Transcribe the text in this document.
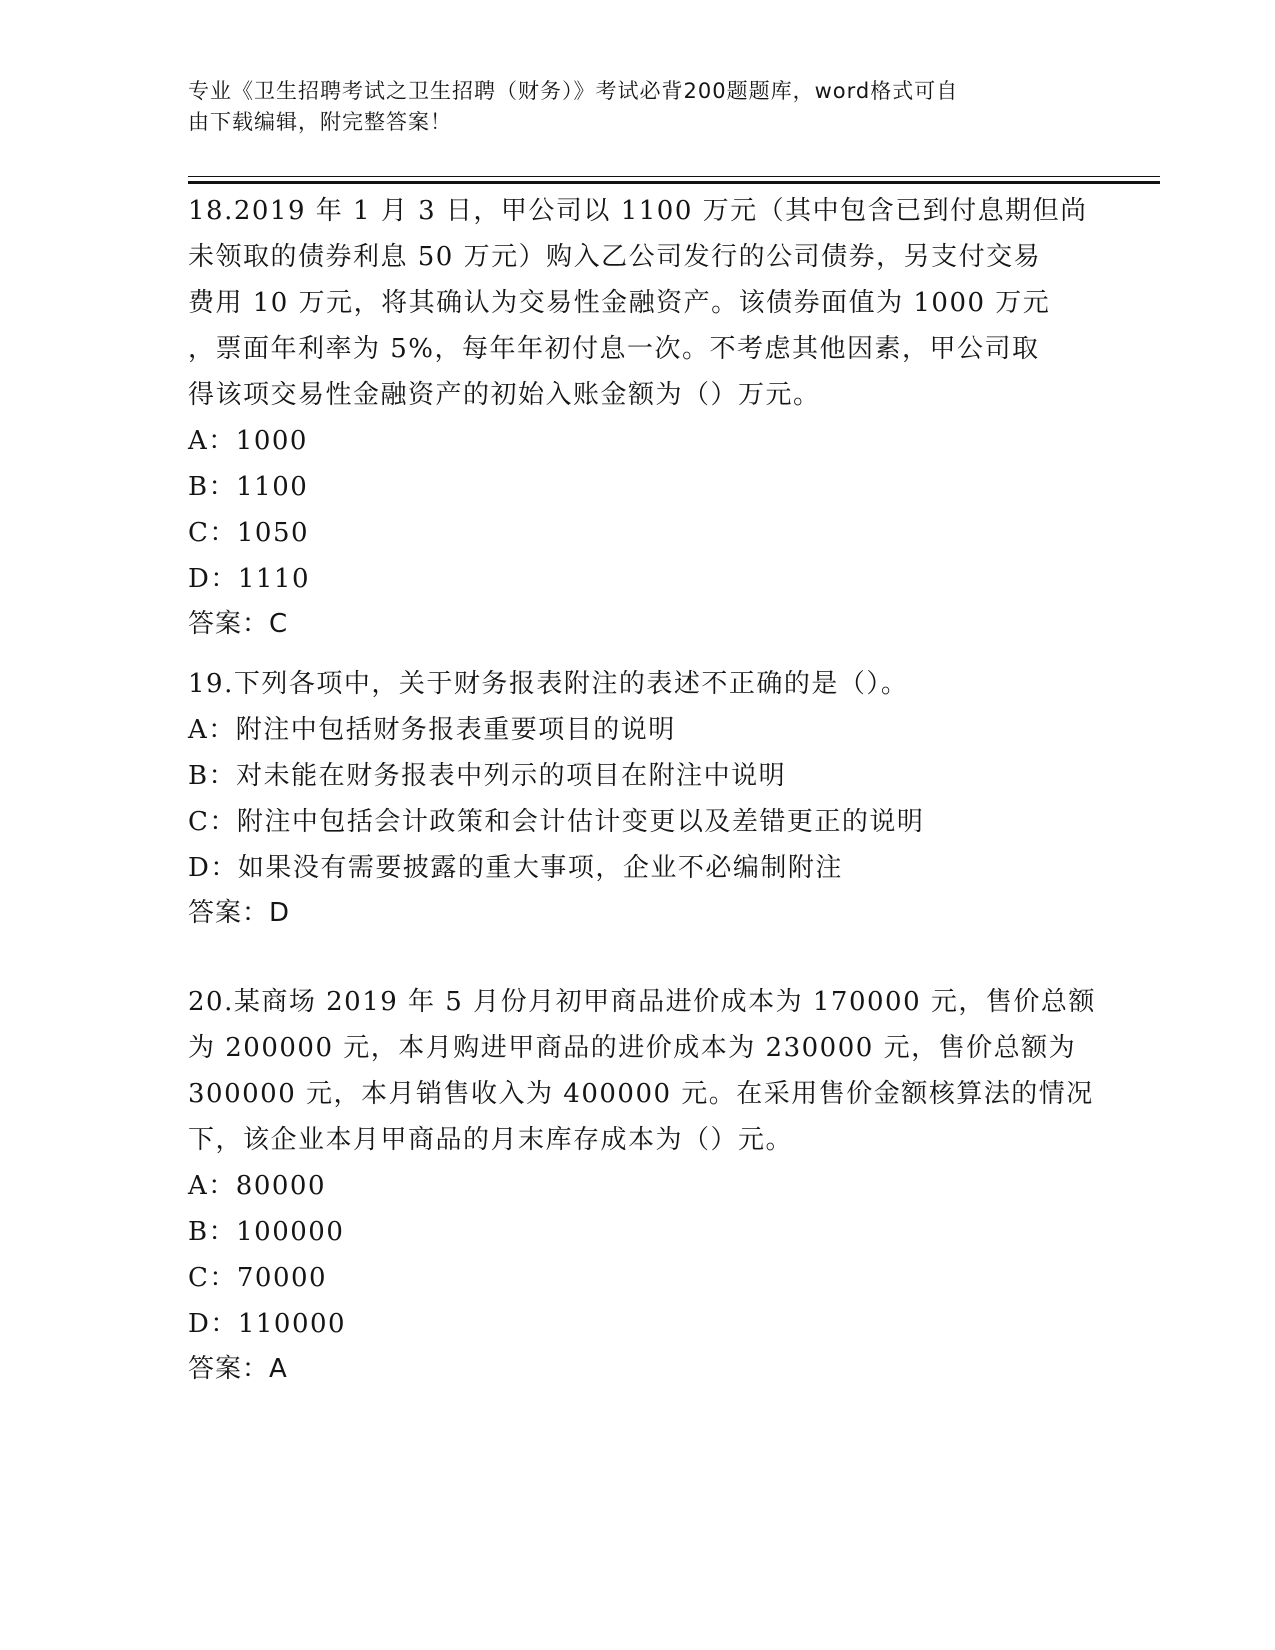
专业《卫生招聘考试之卫生招聘（财务）》考试必背200题题库，word格式可自
由下载编辑，附完整答案！
18.2019 年 1 月 3 日，甲公司以 1100 万元（其中包含已到付息期但尚
未领取的债券利息 50 万元）购入乙公司发行的公司债券，另支付交易
费用 10 万元，将其确认为交易性金融资产。该债券面值为 1000 万元
，票面年利率为 5%，每年年初付息一次。不考虑其他因素，甲公司取
得该项交易性金融资产的初始入账金额为（）万元。
A：1000
B：1100
C：1050
D：1110
答案：C
19.下列各项中，关于财务报表附注的表述不正确的是（）。
A：附注中包括财务报表重要项目的说明
B：对未能在财务报表中列示的项目在附注中说明
C：附注中包括会计政策和会计估计变更以及差错更正的说明
D：如果没有需要披露的重大事项，企业不必编制附注
答案：D
20.某商场 2019 年 5 月份月初甲商品进价成本为 170000 元，售价总额
为 200000 元，本月购进甲商品的进价成本为 230000 元，售价总额为
300000 元，本月销售收入为 400000 元。在采用售价金额核算法的情况
下，该企业本月甲商品的月末库存成本为（）元。
A：80000
B：100000
C：70000
D：110000
答案：A
